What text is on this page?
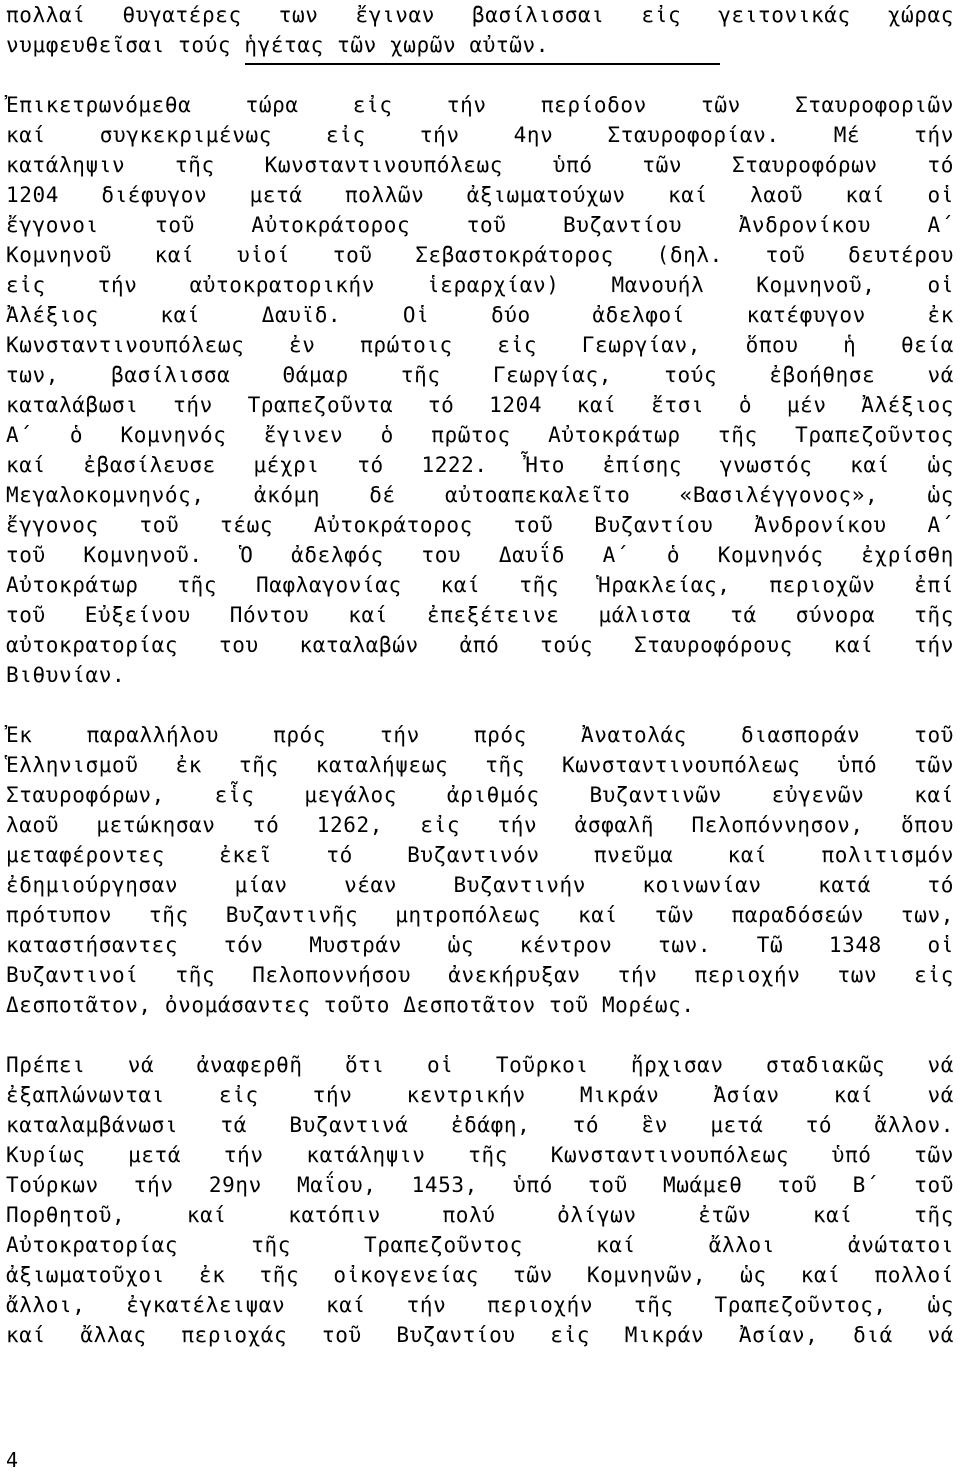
πολλαί θυγατέρες των ἔγιναν βασίλισσαι εἰς γειτονικάς χώρας
νυμφευθεῖσαι τούς ἡγέτας τῶν χωρῶν αὐτῶν.
Ἐπικετρωνόμεθα τώρα εἰς τήν περίοδον τῶν Σταυροφοριῶν
καί συγκεκριμένως εἰς τήν 4ην Σταυροφορίαν. Μέ τήν
κατάληψιν τῆς Κωνσταντινουπόλεως ὑπό τῶν Σταυροφόρων τό
1204 διέφυγον μετά πολλῶν ἀξιωματούχων καί λαοῦ καί οἱ
ἔγγονοι τοῦ Αὐτοκράτορος τοῦ Βυζαντίου Ἀνδρονίκου Α΄
Κομνηνοῦ καί υἱοί τοῦ Σεβαστοκράτορος (δηλ. τοῦ δευτέρου
εἰς τήν αὐτοκρατορικήν ἱεραρχίαν) Μανουήλ Κομνηνοῦ, οἱ
Ἀλέξιος καί Δαυϊδ. Οἱ δύο ἀδελφοί κατέφυγον ἐκ
Κωνσταντινουπόλεως ἐν πρώτοις εἰς Γεωργίαν, ὅπου ἡ θεία
των, βασίλισσα Θάμαρ τῆς Γεωργίας, τούς ἐβοήθησε νά
καταλάβωσι τήν Τραπεζοῦντα τό 1204 καί ἔτσι ὁ μέν Ἀλέξιος
Α΄ ὁ Κομνηνός ἔγινεν ὁ πρῶτος Αὐτοκράτωρ τῆς Τραπεζοῦντος
καί ἐβασίλευσε μέχρι τό 1222. Ἦτο ἐπίσης γνωστός καί ὡς
Μεγαλοκομνηνός, ἀκόμη δέ αὐτοαπεκαλεῖτο «Βασιλέγγονος», ὡς
ἔγγονος τοῦ τέως Αὐτοκράτορος τοῦ Βυζαντίου Ἀνδρονίκου Α΄
τοῦ Κομνηνοῦ. Ὁ ἀδελφός του Δαυΐδ Α΄ ὁ Κομνηνός ἐχρίσθη
Αὐτοκράτωρ τῆς Παφλαγονίας καί τῆς Ἡρακλείας, περιοχῶν ἐπί
τοῦ Εὐξείνου Πόντου καί ἐπεξέτεινε μάλιστα τά σύνορα τῆς
αὐτοκρατορίας του καταλαβών ἀπό τούς Σταυροφόρους καί τήν
Βιθυνίαν.
Ἐκ παραλλήλου πρός τήν πρός Ἀνατολάς διασποράν τοῦ
Ἑλληνισμοῦ ἐκ τῆς καταλήψεως τῆς Κωνσταντινουπόλεως ὑπό τῶν
Σταυροφόρων, εἷς μεγάλος ἀριθμός Βυζαντινῶν εὐγενῶν καί
λαοῦ μετώκησαν τό 1262, εἰς τήν ἀσφαλῆ Πελοπόννησον, ὅπου
μεταφέροντες ἐκεῖ τό Βυζαντινόν πνεῦμα καί πολιτισμόν
ἐδημιούργησαν μίαν νέαν Βυζαντινήν κοινωνίαν κατά τό
πρότυπον τῆς Βυζαντινῆς μητροπόλεως καί τῶν παραδόσεών των,
καταστήσαντες τόν Μυστράν ὡς κέντρον των. Τῶ 1348 οἱ
Βυζαντινοί τῆς Πελοποννήσου ἀνεκήρυξαν τήν περιοχήν των εἰς
Δεσποτᾶτον, ὀνομάσαντες τοῦτο Δεσποτᾶτον τοῦ Μορέως.
Πρέπει νά ἀναφερθῆ ὅτι οἱ Τοῦρκοι ἤρχισαν σταδιακῶς νά
ἐξαπλώνωνται εἰς τήν κεντρικήν Μικράν Ἀσίαν καί νά
καταλαμβάνωσι τά Βυζαντινά ἐδάφη, τό ἓν μετά τό ἄλλον.
Κυρίως μετά τήν κατάληψιν τῆς Κωνσταντινουπόλεως ὑπό τῶν
Τούρκων τήν 29ην Μαΐου, 1453, ὑπό τοῦ Μωάμεθ τοῦ Β΄ τοῦ
Πορθητοῦ, καί κατόπιν πολύ ὀλίγων ἐτῶν καί τῆς
Αὐτοκρατορίας τῆς Τραπεζοῦντος καί ἄλλοι ἀνώτατοι
ἀξιωματοῦχοι ἐκ τῆς οἰκογενείας τῶν Κομνηνῶν, ὡς καί πολλοί
ἄλλοι, ἐγκατέλειψαν καί τήν περιοχήν τῆς Τραπεζοῦντος, ὡς
καί ἄλλας περιοχάς τοῦ Βυζαντίου εἰς Μικράν Ἀσίαν, διά νά
4
